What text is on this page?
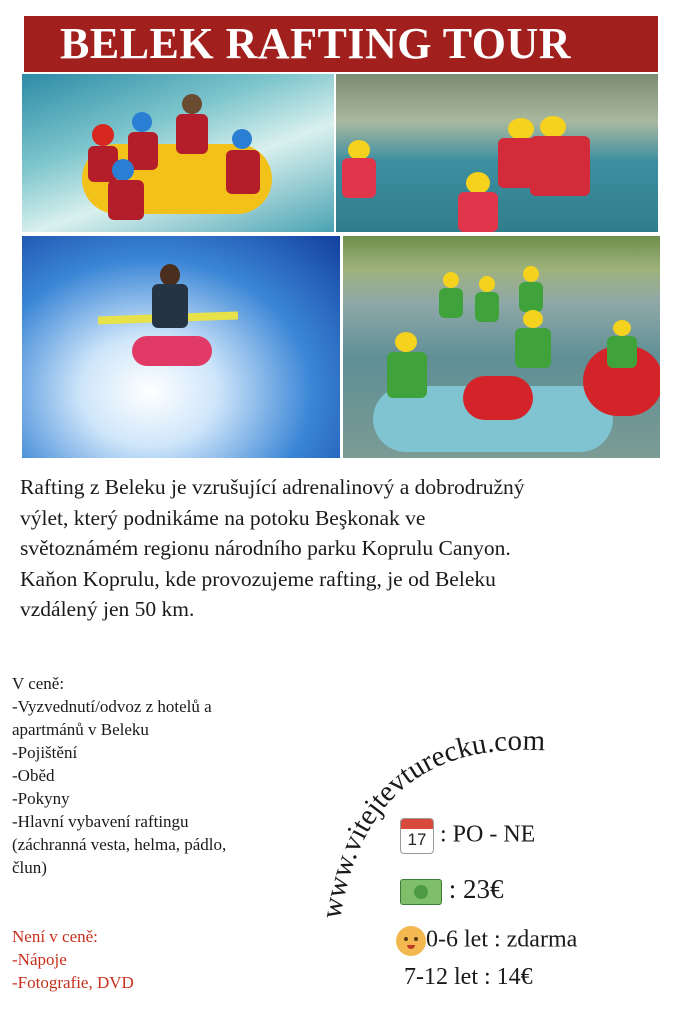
BELEK RAFTING TOUR
Rafting z Beleku je vzrušující adrenalinový a dobrodružný
výlet, který podnikáme na potoku Beşkonak ve
světoznámém regionu národního parku Koprulu Canyon.
Kaňon Koprulu, kde provozujeme rafting, je od Beleku
vzdálený jen 50 km.
V ceně:
-Vyzvednutí/odvoz z hotelů a
apartmánů v Beleku
-Pojištění
-Oběd
-Pokyny
-Hlavní vybavení raftingu
(záchranná vesta, helma, pádlo,
člun)
Není v ceně:
-Nápoje
-Fotografie, DVD
www.vitejtevturecku.com
17 : PO - NE
: 23€
0-6 let : zdarma
7-12 let : 14€
